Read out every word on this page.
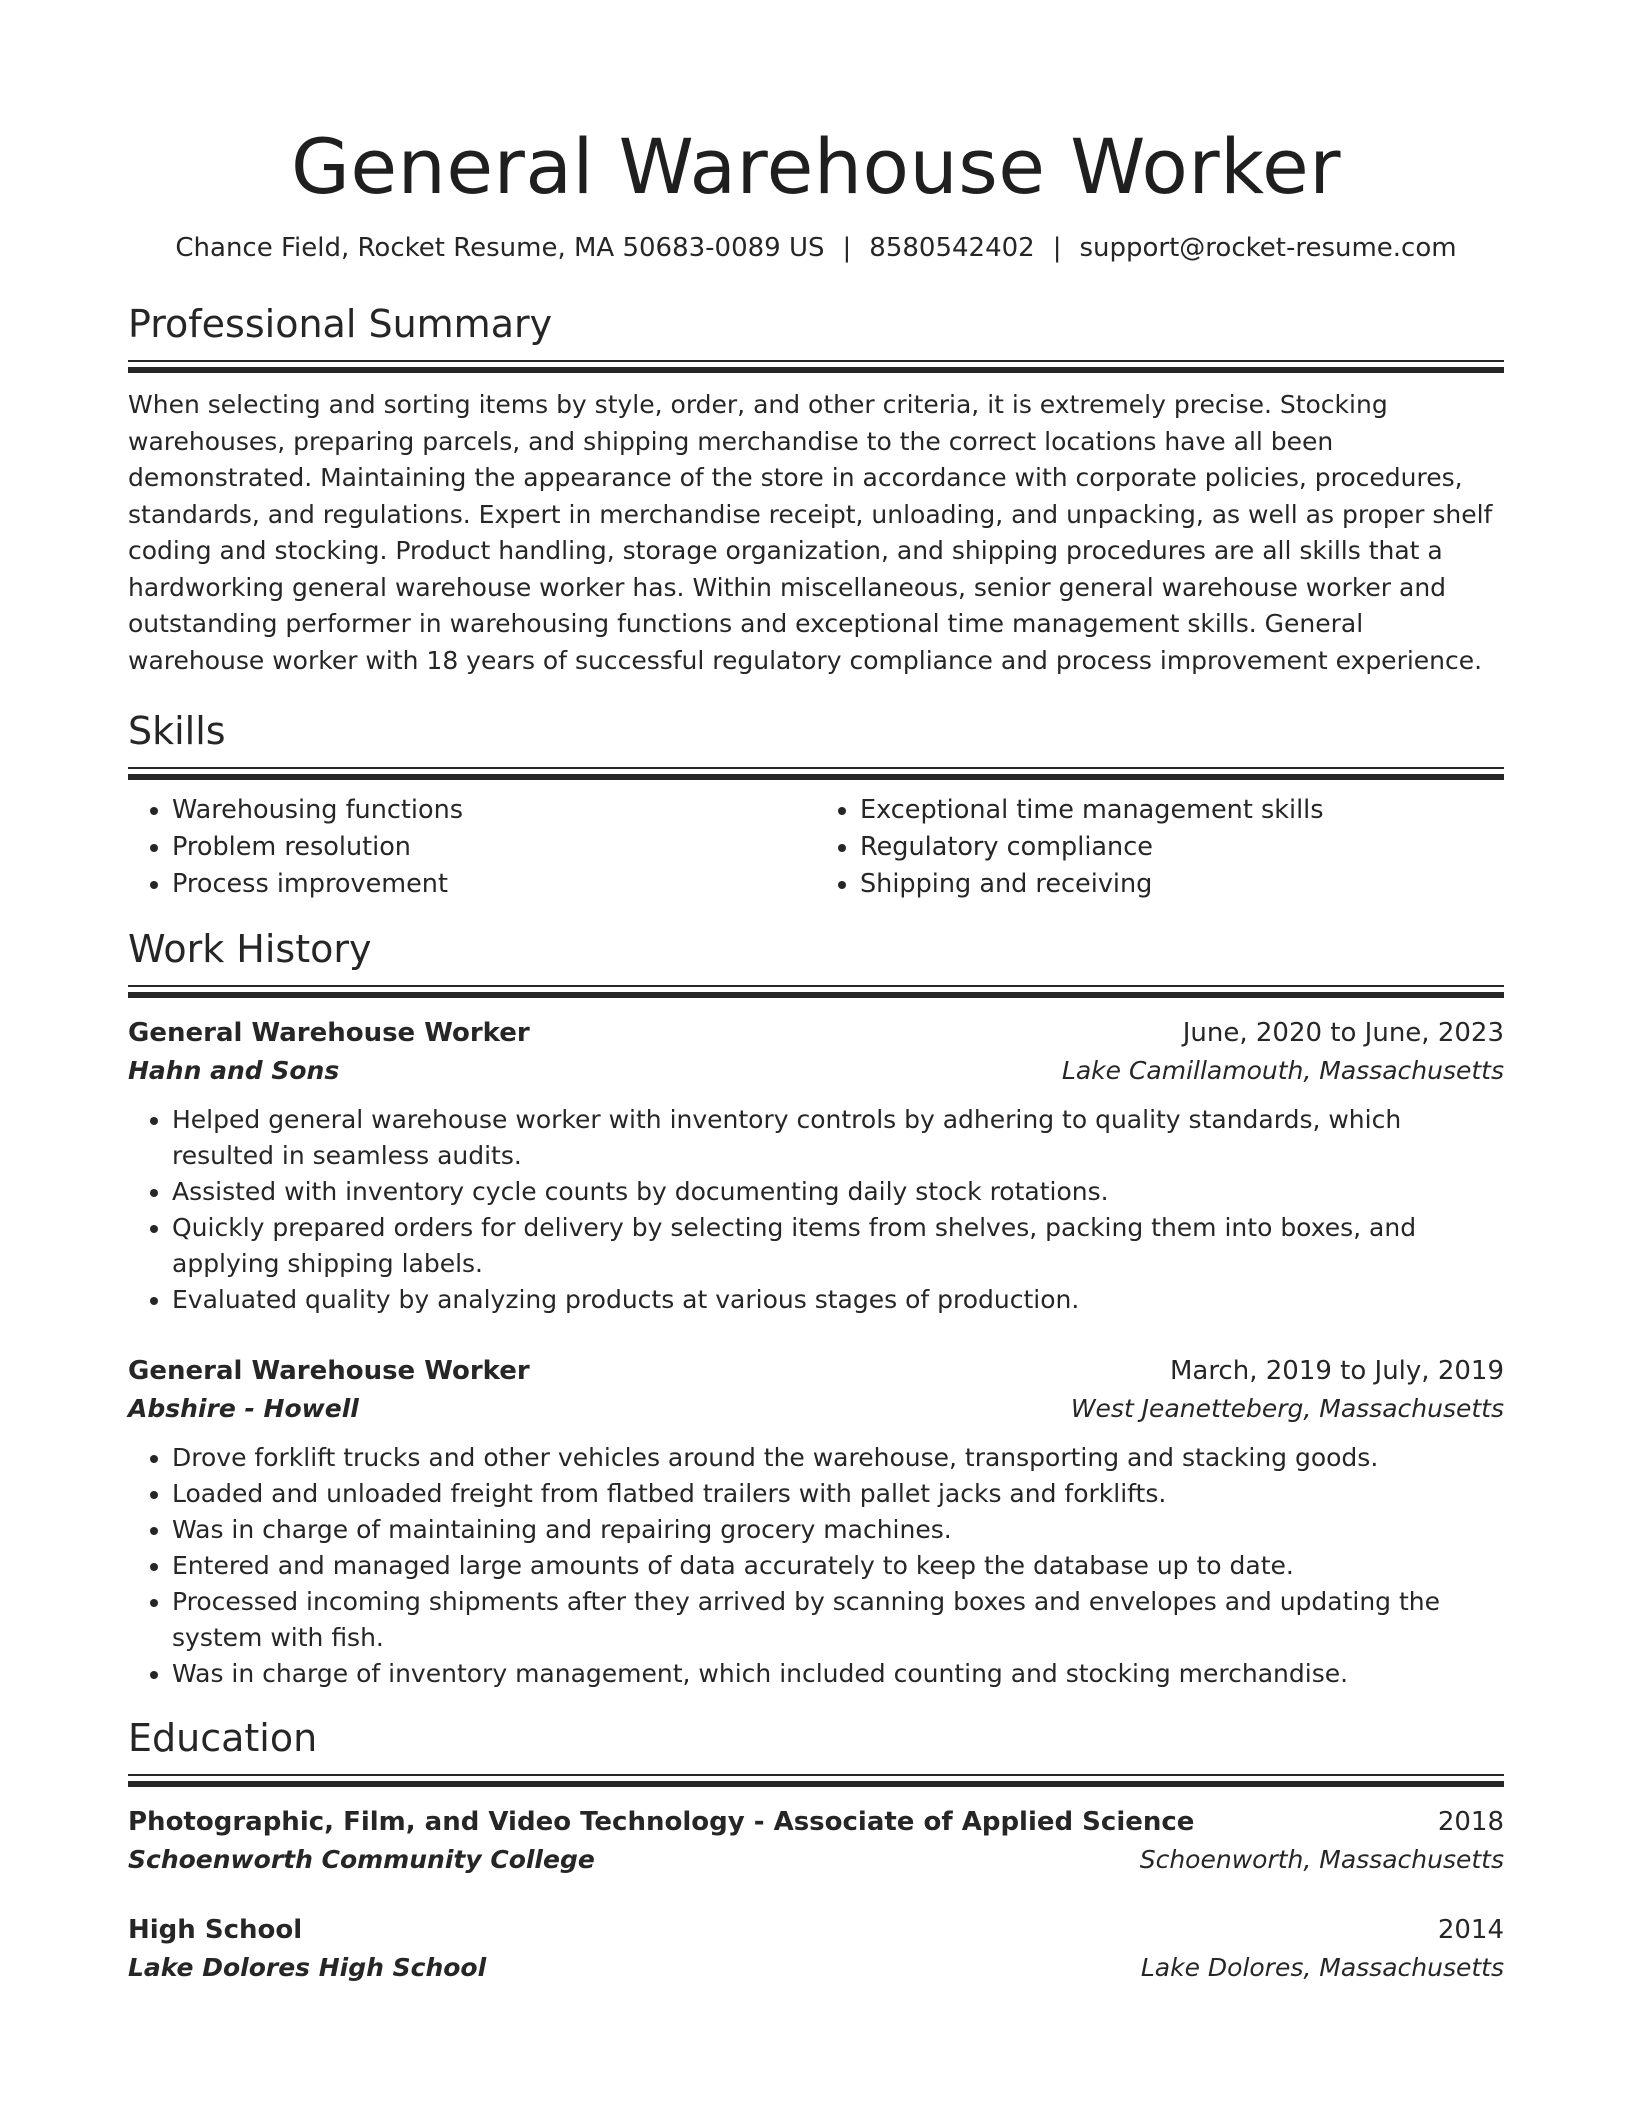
General Warehouse Worker
Chance Field, Rocket Resume, MA 50683-0089 US | 8580542402 | support@rocket-resume.com
Professional Summary
When selecting and sorting items by style, order, and other criteria, it is extremely precise. Stocking warehouses, preparing parcels, and shipping merchandise to the correct locations have all been demonstrated. Maintaining the appearance of the store in accordance with corporate policies, procedures, standards, and regulations. Expert in merchandise receipt, unloading, and unpacking, as well as proper shelf coding and stocking. Product handling, storage organization, and shipping procedures are all skills that a hardworking general warehouse worker has. Within miscellaneous, senior general warehouse worker and outstanding performer in warehousing functions and exceptional time management skills. General warehouse worker with 18 years of successful regulatory compliance and process improvement experience.
Skills
• Warehousing functions
• Problem resolution
• Process improvement
• Exceptional time management skills
• Regulatory compliance
• Shipping and receiving
Work History
General Warehouse Worker	June, 2020 to June, 2023
Hahn and Sons	Lake Camillamouth, Massachusetts
• Helped general warehouse worker with inventory controls by adhering to quality standards, which resulted in seamless audits.
• Assisted with inventory cycle counts by documenting daily stock rotations.
• Quickly prepared orders for delivery by selecting items from shelves, packing them into boxes, and applying shipping labels.
• Evaluated quality by analyzing products at various stages of production.
General Warehouse Worker	March, 2019 to July, 2019
Abshire - Howell	West Jeanetteberg, Massachusetts
• Drove forklift trucks and other vehicles around the warehouse, transporting and stacking goods.
• Loaded and unloaded freight from flatbed trailers with pallet jacks and forklifts.
• Was in charge of maintaining and repairing grocery machines.
• Entered and managed large amounts of data accurately to keep the database up to date.
• Processed incoming shipments after they arrived by scanning boxes and envelopes and updating the system with fish.
• Was in charge of inventory management, which included counting and stocking merchandise.
Education
Photographic, Film, and Video Technology - Associate of Applied Science	2018
Schoenworth Community College	Schoenworth, Massachusetts
High School	2014
Lake Dolores High School	Lake Dolores, Massachusetts
